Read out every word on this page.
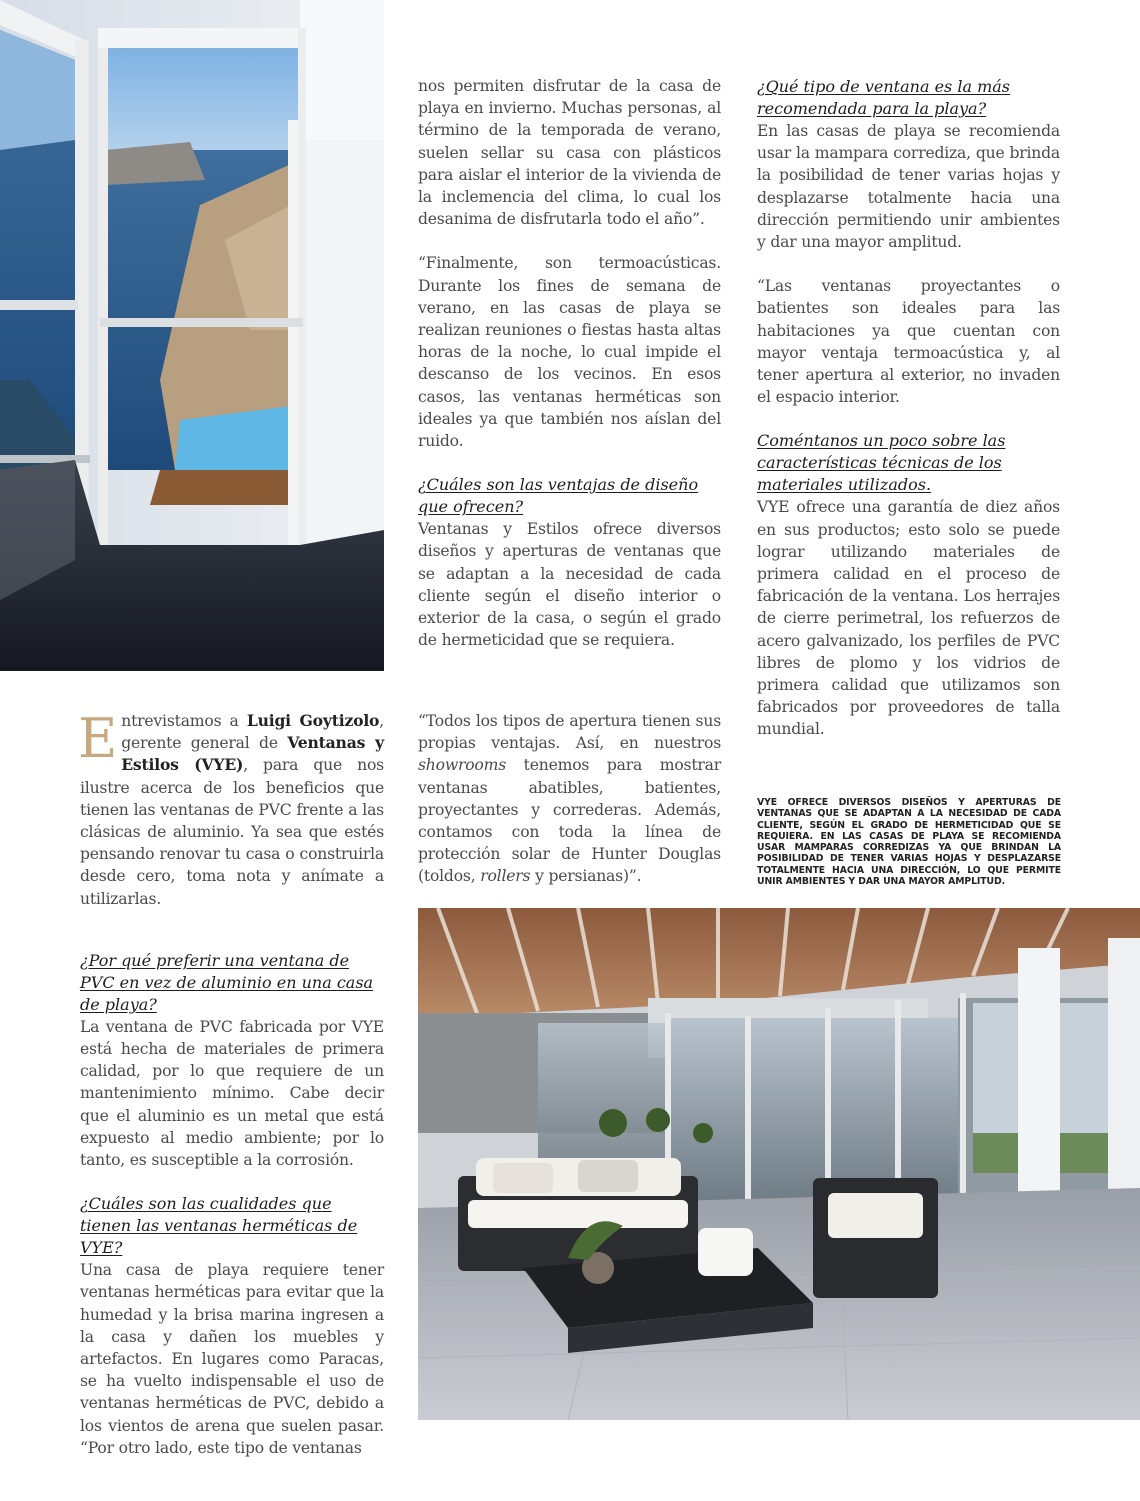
nos permiten disfrutar de la casa de playa en invierno. Muchas personas, al término de la temporada de verano, suelen sellar su casa con plásticos para aislar el interior de la vivienda de la inclemencia del clima, lo cual los desanima de disfrutarla todo el año”.

“Finalmente, son termoacústicas. Durante los fines de semana de verano, en las casas de playa se realizan reuniones o fiestas hasta altas horas de la noche, lo cual impide el descanso de los vecinos. En esos casos, las ventanas herméticas son ideales ya que también nos aíslan del ruido.

¿Cuáles son las ventajas de diseño que ofrecen?

Ventanas y Estilos ofrece diversos diseños y aperturas de ventanas que se adaptan a la necesidad de cada cliente según el diseño interior o exterior de la casa, o según el grado de hermeticidad que se requiera.

“Todos los tipos de apertura tienen sus propias ventajas. Así, en nuestros showrooms tenemos para mostrar ventanas abatibles, batientes, proyectantes y correderas. Además, contamos con toda la línea de protección solar de Hunter Douglas (toldos, rollers y persianas)”.

¿Qué tipo de ventana es la más recomendada para la playa?

En las casas de playa se recomienda usar la mampara corrediza, que brinda la posibilidad de tener varias hojas y desplazarse totalmente hacia una dirección permitiendo unir ambientes y dar una mayor amplitud.

“Las ventanas proyectantes o batientes son ideales para las habitaciones ya que cuentan con mayor ventaja termoacústica y, al tener apertura al exterior, no invaden el espacio interior.

Coméntanos un poco sobre las características técnicas de los materiales utilizados.

VYE ofrece una garantía de diez años en sus productos; esto solo se puede lograr utilizando materiales de primera calidad en el proceso de fabricación de la ventana. Los herrajes de cierre perimetral, los refuerzos de acero galvanizado, los perfiles de PVC libres de plomo y los vidrios de primera calidad que utilizamos son fabricados por proveedores de talla mundial.

VYE OFRECE DIVERSOS DISEÑOS Y APERTURAS DE VENTANAS QUE SE ADAPTAN A LA NECESIDAD DE CADA CLIENTE, SEGÚN EL GRADO DE HERMETICIDAD QUE SE REQUIERA. EN LAS CASAS DE PLAYA SE RECOMIENDA USAR MAMPARAS CORREDIZAS YA QUE BRINDAN LA POSIBILIDAD DE TENER VARIAS HOJAS Y DESPLAZARSE TOTALMENTE HACIA UNA DIRECCIÓN, LO QUE PERMITE UNIR AMBIENTES Y DAR UNA MAYOR AMPLITUD.

Entrevistamos a Luigi Goytizolo, gerente general de Ventanas y Estilos (VYE), para que nos ilustre acerca de los beneficios que tienen las ventanas de PVC frente a las clásicas de aluminio. Ya sea que estés pensando renovar tu casa o construirla desde cero, toma nota y anímate a utilizarlas.

¿Por qué preferir una ventana de PVC en vez de aluminio en una casa de playa?

La ventana de PVC fabricada por VYE está hecha de materiales de primera calidad, por lo que requiere de un mantenimiento mínimo. Cabe decir que el aluminio es un metal que está expuesto al medio ambiente; por lo tanto, es susceptible a la corrosión.

¿Cuáles son las cualidades que tienen las ventanas herméticas de VYE?

Una casa de playa requiere tener ventanas herméticas para evitar que la humedad y la brisa marina ingresen a la casa y dañen los muebles y artefactos. En lugares como Paracas, se ha vuelto indispensable el uso de ventanas herméticas de PVC, debido a los vientos de arena que suelen pasar. “Por otro lado, este tipo de ventanas
